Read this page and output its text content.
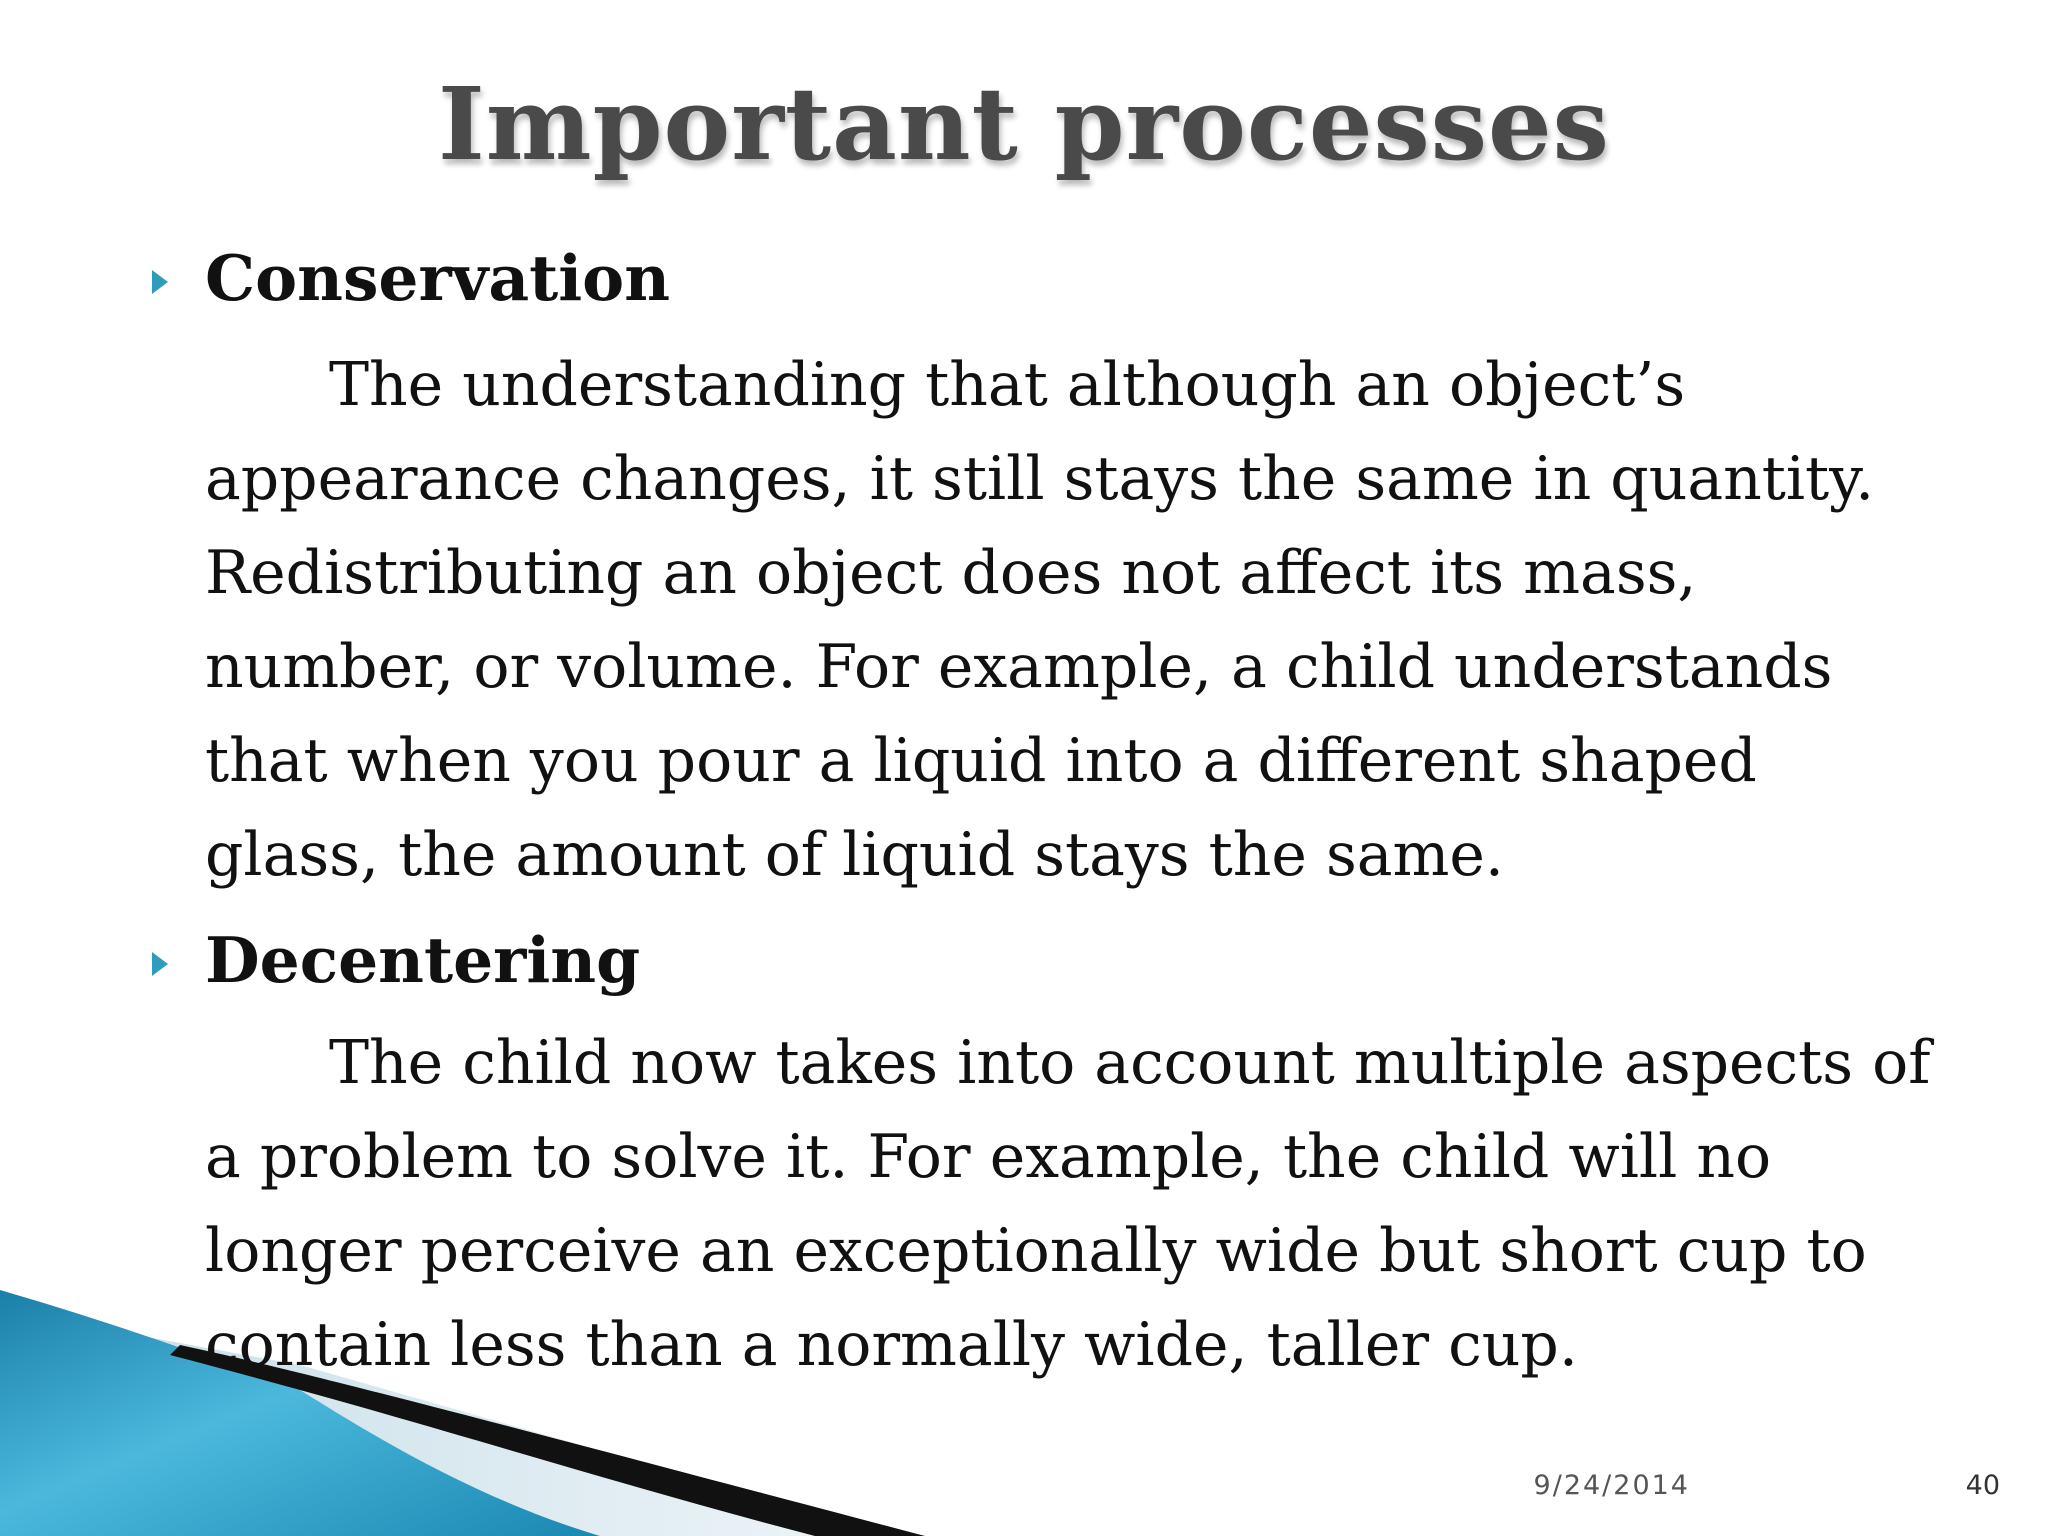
Important processes
Conservation
The understanding that although an object’s
appearance changes, it still stays the same in quantity.
Redistributing an object does not affect its mass,
number, or volume. For example, a child understands
that when you pour a liquid into a different shaped
glass, the amount of liquid stays the same.
Decentering
The child now takes into account multiple aspects of
a problem to solve it. For example, the child will no
longer perceive an exceptionally wide but short cup to
contain less than a normally wide, taller cup.
9/24/2014	40
